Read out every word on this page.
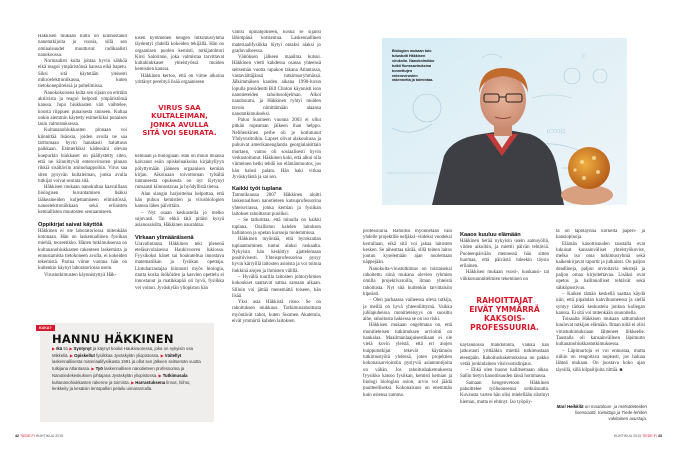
Häkkisen mukaan kulta on kiinnostanut nanotutkijoita jo vuosia, sillä sen ominaisuudet muuttuvat radikaalisti nanokoossa.

Normaalisti kulta johtaa hyvin sähköä eikä reagoi ympäristönsä kanssa eikä hapetu. Siksi sitä käytetään yleisesti mikroelektroniikassa, kuten tietokonepiireissä ja puhelimissa.

Nanokokoisena kulta sen sijaan on erittäin aktiivista ja reagoi helposti ympäristönsä kanssa. Jopa hiukkasten väri vaihtelee, koosta riippuen punaisesta siniseen. Kultaa onkin aiemmin käytetty esimerkiksi punaisen lasin valmistuksessa.

Kultananohiukkasten pinnaan voi kiinnittää lisäosia, joiden avulla ne saa tarttumaan hyvin hanakasti haluttuun paikkaan. Esimerkiksi kädessäni olevan koepurkin hiukkaset on päällystetty siten, että ne kiinnittyvät enterovirusten pinnan rikkiä sisältäviin aminohappoihin. Virus saa siten pysyvän kultaleiman, jonka avulla tutkijat voivat seurata sitä.

Häkkisen mukaan nanokultaa kaavaillaan biologisen kuvantamisen lisäksi lääkeaineiden kuljettamiseen elimistössä, nanoelektroniikkaan sekä erilaisten kemiallisten muutosten seuraamiseen.

Oppikirjat saivat käyttöä

Häkkinen ei ole laboratoriossa mitenkään kotonaan. Hän on laskennallinen fysiikan miehiä, teoreetikko. Hänen tutkimuksensa on kultananohiukkasten rakenteen laskemista ja ennustamista tietokoneen avulla, ei kokeiden tekemistä. Parina viime vuonna hän on kuitenkin käynyt laboratoriossa usein.

Virustutkimusten käynnistyttyä Häk-

kisen kymmenen hengen tutkimusryhmä täydentyi yhdellä kokeiden tekijällä. Hän on orgaanisen puolen kemisti, tutkijatohtori Kirsi Salorinne, joka valmistaa tarvittavat kultahiukkaset yhteistyössä muiden kemistien kanssa.

Häkkinen kertoo, että on viime aikoina yrittänyt perehtyä lisää orgaaniseen

VIRUS SAA
KULTALEIMAN,
JONKA AVULLA
SITÄ VOI SEURATA.

kemiaan ja biologiaan. Hän on muun muassa kaivanut esiin opiskeluaikoina kirjahyllyyn pölyttymään jääneen orgaanisen kemian kirjan. Aikoinaan toivottoman tylsältä tuntuneesta opuksesta on nyt löytynyt runsaasti kiinnostavaa ja hyödyllistä tietoa.

Alan slangin harjoittelua helpottaa, että hän puhuu kemistien ja virusbiologien kanssa lähes päivittäin.

– Nyt osaan keskustella jo melko sujuvasti. Tai ehkä tätä pitäisi kysyä asianosaisilta, Häkkinen naurahtaa.

Virkaan ylimääräisenä

Uravalintansa Häkkinen teki pienenä eteläsavolaisessa Haukivuoren lukiossa. Fyysikoksi hänet sai houkuteltua innostava matematiikan ja fysiikan opettaja. Lintuharrastajaa kiinnosti myös biologia, mutta koska ötököiden ja kasvien opettelu ei innostanut ja matikkapää oli hyvä, fysiikka vei voiton. Jyväskylän yliopiston hän

valitsi opinahjokseen, koska se sijaitsi lähimpänä kotiseutua. Laskennallinen materiaalifysiikka löytyi omaksi alaksi jo graduvaiheessa.

Väitöksen jälkeen maailma kutsui. Häkkinen vietti kahdessa osassa yhteensä seitsemän vuotta rapakon takana Atlantassa, vastaväittäjänsä tutkimusryhmässä. Jälkimmäisen kauden aikana 1990-luvun lopulla presidentti Bill Clinton käynnisti ison nanotieteiden rahoitusohjelman. Alkoi nanobuumi, ja Häkkinen ryhtyi muiden tavoin nimittämään alaansa nanotutkimukseksi.

Paluu Suomeen vuonna 2003 ei ollut pitkän rupeaman jälkeen ihan helppo. Nelihenkinen perhe oli jo kotiutunut Yhdysvaltoihin. Lapset olivat alakoulussa ja puhuivat amerikanenglantia georgialaisittain murtaen, vaimo oli sosiaalisesti hyvin verkostoitunut. Häkkinen koki, että alkoi olla viimeinen hetki tehdä iso elämänmuutos, jos hän halusi palata. Hän haki virkaa Jyväskylästä ja sai sen.

Kaikki työt tuplana

Tammikuussa 2007 Häkkinen aloitti laskennallisen nanotieteen kutsuprofessorina yhteisvirassa, jonka kemian ja fysiikan laitokset rahoittavat puoliksi.

– Se tarkoittaa, että minulla on kaikki tuplana. Osallistun kahden laitoksen hallintoon ja opetan kursseja molemmissa.

Häkkinen myöntää, että byrokratian tuplaantuminen tuntui aluksi raskaalta. Nykyisin hän keskittyy ajattelemaan positiivisesti. Yhteisprofessorina pysyy hyvin kärryillä laitosten asioista ja voi toimia linkkinä alojen ja ihmisten välillä.

– Hyvällä tuurilla laitosten johtoryhmien kokoukset saattavat sattua samaan aikaan. Silloin voi jättää menemättä toiseen, hän lisää.

Yksi asia Häkkistä risoo. Se on rahoituksen niukkuus. Tutkimusrahoitusta myöntävät tahot, kuten Suomen Akatemia, eivät ymmärrä kahden laitoksen

HANNU HÄKKINEN
▶ Ikä 51 ▶ Syntynyt ja käynyt koulut Haukivuoressa, joka on nykyisin osa Mikkeliä. ▶ Opiskellut fysiikkaa Jyväskylän yliopistossa. ▶ Väitellyt laskennallisesta materiaalifysiikasta 1991 ja ollut sen jälkeen seitsemän vuotta tutkijana Atlantassa. ▶ Työ laskennallisen nanotieteen professorina ja Nanotiedekeskuksen johtajana Jyväskylän yliopistossa. ▶ Tutkimusala kultananohiukkasten rakenne ja toiminta. ▶ Harrastuksena linnut, hiihto, lenkkeily ja kesäisin lentopallon pelailu uimarannalla.
KUKA?
C
(CO3)2
Biologien mukaan tulo tutustutti Häkkisen viruksiin. Nanokolmikko tutkii flunssaviruksina tunnettujen enterovirusten rakennetta ja toimintaa.

professuuria. Rahoitus myönnetään vain yhdelle projektille neljäksi–viideksi vuodeksi kerrallaan, eikä sitä voi jakaa laitosten kesken. Se aiheuttaa närää, sillä toinen laitos joutuu kyselemään ajan nuolemaan näppejään.

Nanokulta-virustutkimus on toistaiseksi rahoitettu siinä mukana olevien ryhmien omilla projektivaroilla, ilman yhteistä rahoitusta. Nyt sitä kuitenkin tarvittaisiin kipeästi.

– Olen parhaassa vaiheessa oleva tutkija, ja meillä on hyvä yhteenliittymä. Vaikka juhlapuheissa monitieteisyys on suosittu aihe, rahoitusta hakiessa se on iso riski.

Häkkisen mukaan ongelmana on, että monitieteisen tutkimuksen arviointi on hankalaa. Maailmanlaajuisestikaan ei ole vielä kovin yleistä, että eri alojen huippututkijat tekevät käytännön tutkimustyötä yhdessä, joten projektien kokonaisarviointiin pystyviä asiantuntijoita on vähän. Jos rahoitushakemuksesta fyysikko katsoo fysiikan, kemisti kemian ja biologi biologian osion, arvio voi jäädä puutteelliseksi. Kokonaisuus on enemmän kuin osiensa summa.

Kaaos kuuluu elämään

Häkkinen herää nykyisin usein aamuyöllä, viiden aikoihin, ja miettii päivän tehtäviä. Puoleenpäivään mennessä hän sitten huomaa, että päivästä tuleekin täysin erilainen.

Häkkisen mukaan vuosi-, kuukausi- tai viikkosuunnitelmien tekeminen on

RAHOITTAJAT
EIVÄT YMMÄRRÄ
KAKSOIS-
PROFESSUURIA.

käytännössä mahdotonta, vaikka hän jatkuvasti yrittääkin miettiä tutkimustaan eteenpäin. Rahoitushakemuksissa on pakko vetää jonkinlainen viisivuotislinjaus.

– Ehkä olen huono hallitsemaan aikaa. Sallin tietyn kaoottisuuden tässä hommassa.

Samaan hengenvetoon Häkkinen pahoittelee työhuoneensa sotkuisuutta. Kuvausta varten hän olisi mielellään siistinyt hieman, mutta ei ehtinyt. Iso työpöy-

tä on täpötäynnä korkeita paperi- ja kansiopinoja.

Elämän kaoottisuuden taustalla ovat lukuisat kansainväliset yhteistyökuviot, melko iso oma tutkimusryhmä sekä kaikenkirjavat raportit ja julkaisut. On paljon deadlineja, paljon arvioitavia tekstejä ja paljon omaa kirjoitettavaa. Lisäksi ovat opetus ja hallinnolliset tehtävät sekä sähköpostivuo.

– Kaiken tämän keskellä saattaa käydä niin, että pipahdan kahvihuoneessa ja siellä syntyy tärkeä keskustelu jonkun kollegan kanssa. Ei sitä voi mitenkään suunnitella.

Toisaalta Häkkisen mukaan sattumukset kuuluvat tutkijan elämään. Ilman niitä ei olisi virustutkimuksiaan lähteneet liikkeelle. Taustalla oli kansainvälinen läpimurto kultananohiukkastutkimuksessa.

– Läpimurtoja ei voi ennustaa, mutta niihin on reagoitava nopeasti, jos haluaa lähteä mukaan. On juostava koko ajan täysillä, sillä kilpailijoita riittää. ■

Mari Heikkilä on maatalous- ja metsätieteiden lisensiaatti, toimittaja ja Tiede-lehden vakituinen avustaja.
42 TIEDE.FI HUHTIKUU 2015	HUHTIKUU 2015 TIEDE.FI 43
